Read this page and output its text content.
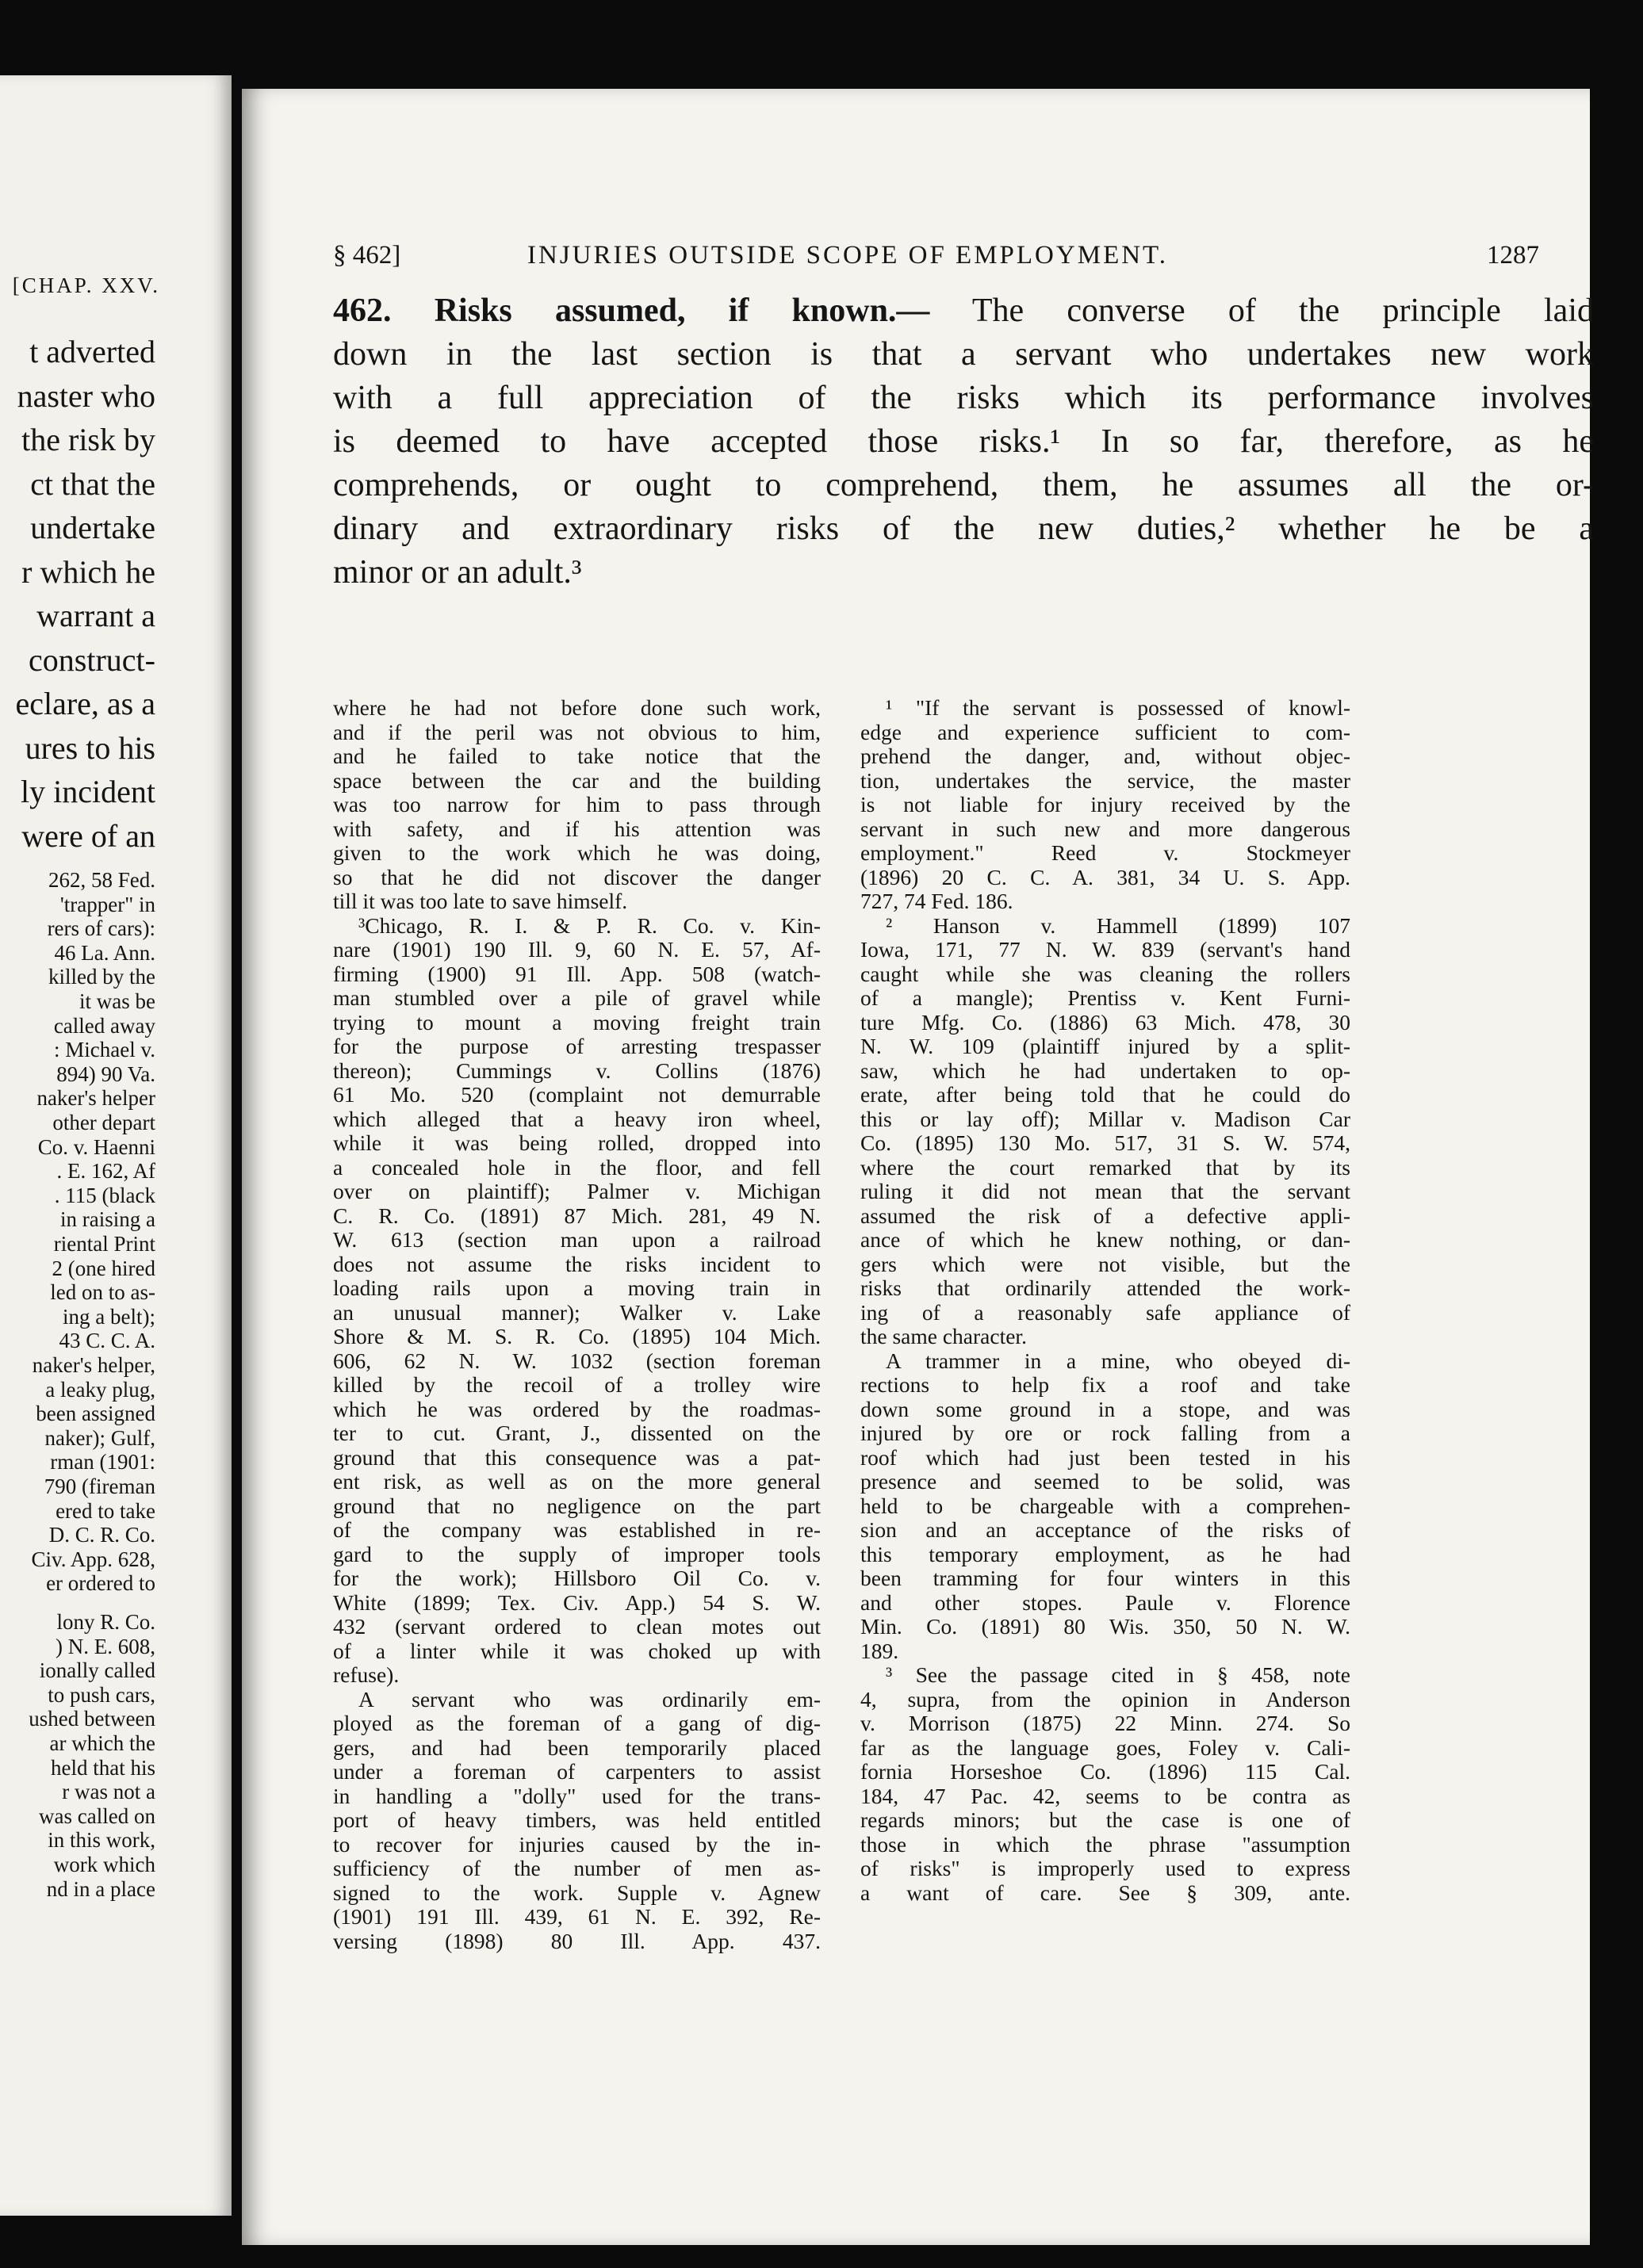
[CHAP. XXV.
t adverted
naster who
the risk by
ct that the
undertake
r which he
warrant a
construct-
eclare, as a
ures to his
ly incident
were of an
262, 58 Fed.
'trapper" in
rers of cars):
46 La. Ann.
killed by the
it was be
called away
: Michael v.
894) 90 Va.
naker's helper
other depart
Co. v. Haenni
. E. 162, Af
. 115 (black
in raising a
riental Print
2 (one hired
led on to as-
ing a belt);
43 C. C. A.
naker's helper,
a leaky plug,
been assigned
naker); Gulf,
rman (1901:
790 (fireman
ered to take
D. C. R. Co.
Civ. App. 628,
er ordered to
lony R. Co.
) N. E. 608,
ionally called
to push cars,
ushed between
ar which the
held that his
r was not a
was called on
in this work,
work which
nd in a place
§ 462]	INJURIES OUTSIDE SCOPE OF EMPLOYMENT.	1287
462. Risks assumed, if known.— The converse of the principle laid
down in the last section is that a servant who undertakes new work
with a full appreciation of the risks which its performance involves
is deemed to have accepted those risks.¹ In so far, therefore, as he
comprehends, or ought to comprehend, them, he assumes all the or-
dinary and extraordinary risks of the new duties,² whether he be a
minor or an adult.³
where he had not before done such work,
and if the peril was not obvious to him,
and he failed to take notice that the
space between the car and the building
was too narrow for him to pass through
with safety, and if his attention was
given to the work which he was doing,
so that he did not discover the danger
till it was too late to save himself.
³Chicago, R. I. & P. R. Co. v. Kin-
nare (1901) 190 Ill. 9, 60 N. E. 57, Af-
firming (1900) 91 Ill. App. 508 (watch-
man stumbled over a pile of gravel while
trying to mount a moving freight train
for the purpose of arresting trespasser
thereon); Cummings v. Collins (1876)
61 Mo. 520 (complaint not demurrable
which alleged that a heavy iron wheel,
while it was being rolled, dropped into
a concealed hole in the floor, and fell
over on plaintiff); Palmer v. Michigan
C. R. Co. (1891) 87 Mich. 281, 49 N.
W. 613 (section man upon a railroad
does not assume the risks incident to
loading rails upon a moving train in
an unusual manner); Walker v. Lake
Shore & M. S. R. Co. (1895) 104 Mich.
606, 62 N. W. 1032 (section foreman
killed by the recoil of a trolley wire
which he was ordered by the roadmas-
ter to cut. Grant, J., dissented on the
ground that this consequence was a pat-
ent risk, as well as on the more general
ground that no negligence on the part
of the company was established in re-
gard to the supply of improper tools
for the work); Hillsboro Oil Co. v.
White (1899; Tex. Civ. App.) 54 S. W.
432 (servant ordered to clean motes out
of a linter while it was choked up with
refuse).
A servant who was ordinarily em-
ployed as the foreman of a gang of dig-
gers, and had been temporarily placed
under a foreman of carpenters to assist
in handling a "dolly" used for the trans-
port of heavy timbers, was held entitled
to recover for injuries caused by the in-
sufficiency of the number of men as-
signed to the work. Supple v. Agnew
(1901) 191 Ill. 439, 61 N. E. 392, Re-
versing (1898) 80 Ill. App. 437.
¹ "If the servant is possessed of knowl-
edge and experience sufficient to com-
prehend the danger, and, without objec-
tion, undertakes the service, the master
is not liable for injury received by the
servant in such new and more dangerous
employment." Reed v. Stockmeyer
(1896) 20 C. C. A. 381, 34 U. S. App.
727, 74 Fed. 186.
² Hanson v. Hammell (1899) 107
Iowa, 171, 77 N. W. 839 (servant's hand
caught while she was cleaning the rollers
of a mangle); Prentiss v. Kent Furni-
ture Mfg. Co. (1886) 63 Mich. 478, 30
N. W. 109 (plaintiff injured by a split-
saw, which he had undertaken to op-
erate, after being told that he could do
this or lay off); Millar v. Madison Car
Co. (1895) 130 Mo. 517, 31 S. W. 574,
where the court remarked that by its
ruling it did not mean that the servant
assumed the risk of a defective appli-
ance of which he knew nothing, or dan-
gers which were not visible, but the
risks that ordinarily attended the work-
ing of a reasonably safe appliance of
the same character.
A trammer in a mine, who obeyed di-
rections to help fix a roof and take
down some ground in a stope, and was
injured by ore or rock falling from a
roof which had just been tested in his
presence and seemed to be solid, was
held to be chargeable with a comprehen-
sion and an acceptance of the risks of
this temporary employment, as he had
been tramming for four winters in this
and other stopes. Paule v. Florence
Min. Co. (1891) 80 Wis. 350, 50 N. W.
189.
³ See the passage cited in § 458, note
4, supra, from the opinion in Anderson
v. Morrison (1875) 22 Minn. 274. So
far as the language goes, Foley v. Cali-
fornia Horseshoe Co. (1896) 115 Cal.
184, 47 Pac. 42, seems to be contra as
regards minors; but the case is one of
those in which the phrase "assumption
of risks" is improperly used to express
a want of care. See § 309, ante.
